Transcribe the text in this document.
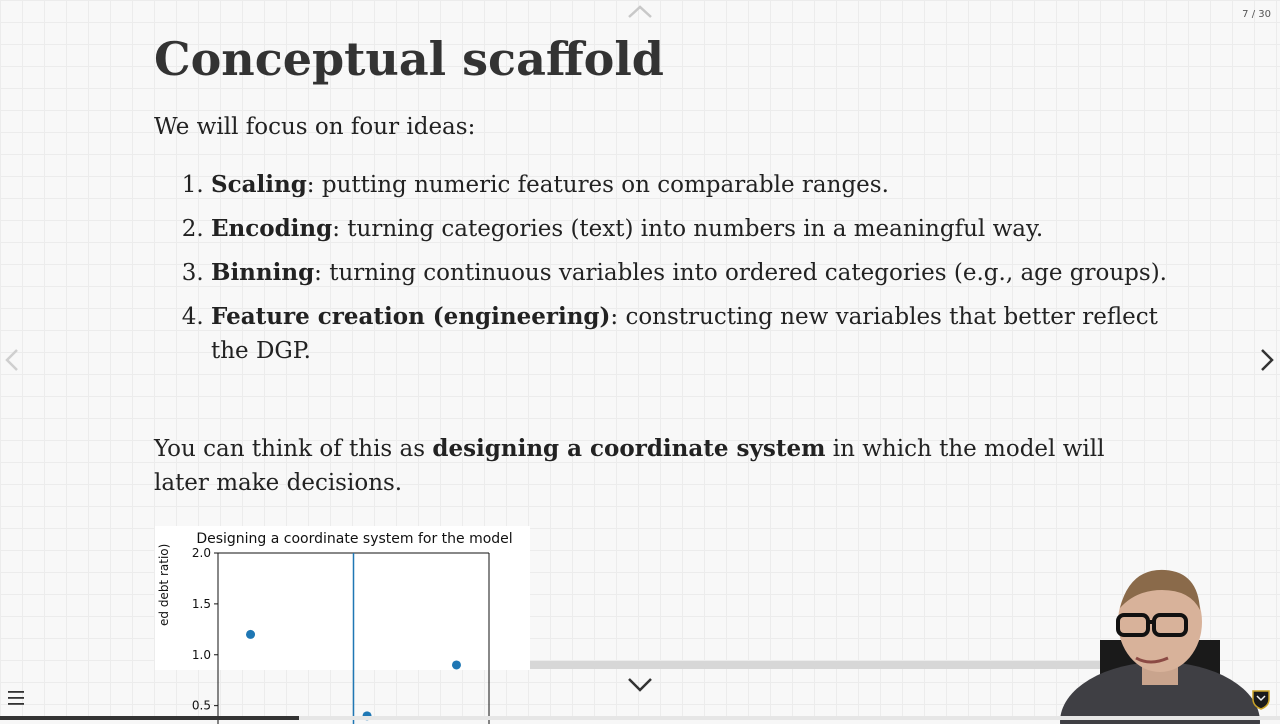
7 / 30
Conceptual scaffold
We will focus on four ideas:
1. Scaling: putting numeric features on comparable ranges.
2. Encoding: turning categories (text) into numbers in a meaningful way.
3. Binning: turning continuous variables into ordered categories (e.g., age groups).
4. Feature creation (engineering): constructing new variables that better reflect the DGP.
You can think of this as designing a coordinate system in which the model will later make decisions.
Designing a coordinate system for the model
ed debt ratio)
0.5
1.0
1.5
2.0
